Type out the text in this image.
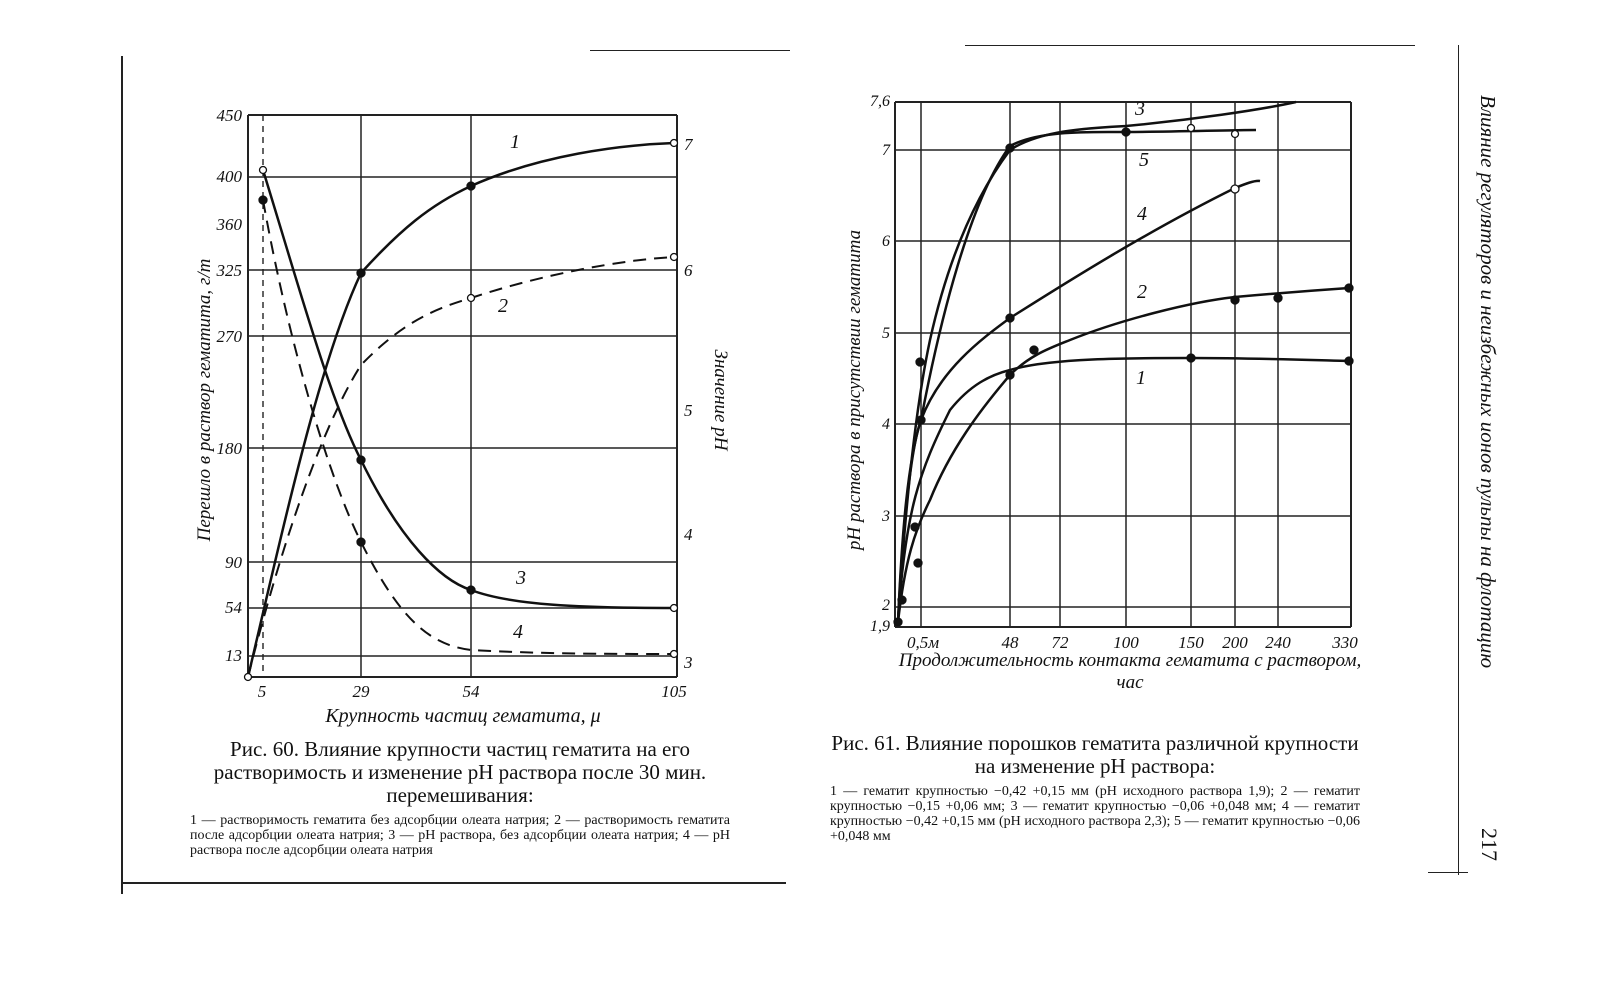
1
2
3
4
450
400
360
325
270
180
90
54
13
7
6
5
4
3
5	29	54	105
Крупность частиц гематита, μ
Перешло в раствор гематита, г/т	Значение pH
Рис. 60. Влияние крупности частиц гематита на его растворимость и изменение pH раствора после 30 мин. перемешивания:
1 — растворимость гематита без адсорбции олеата натрия; 2 — растворимость гематита после адсорбции олеата натрия; 3 — pH раствора, без адсорбции олеата натрия; 4 — pH раствора после адсорбции олеата натрия
1
2
3
4
5
7,6
7
6
5
4
3
2
1,9
0,5м	48 72	100 150 200 240 330
Продолжительность контакта гематита с раствором, час
pH раствора в присутствии гематита
Рис. 61. Влияние порошков гематита различной крупности на изменение pH раствора:
1 — гематит крупностью −0,42 +0,15 мм (pH исходного раствора 1,9); 2 — гематит крупностью −0,15 +0,06 мм; 3 — гематит крупностью −0,06 +0,048 мм; 4 — гематит крупностью −0,42 +0,15 мм (pH исходного раствора 2,3); 5 — гематит крупностью −0,06 +0,048 мм
Влияние регуляторов и неизбежных ионов пульпы на флотацию
217
